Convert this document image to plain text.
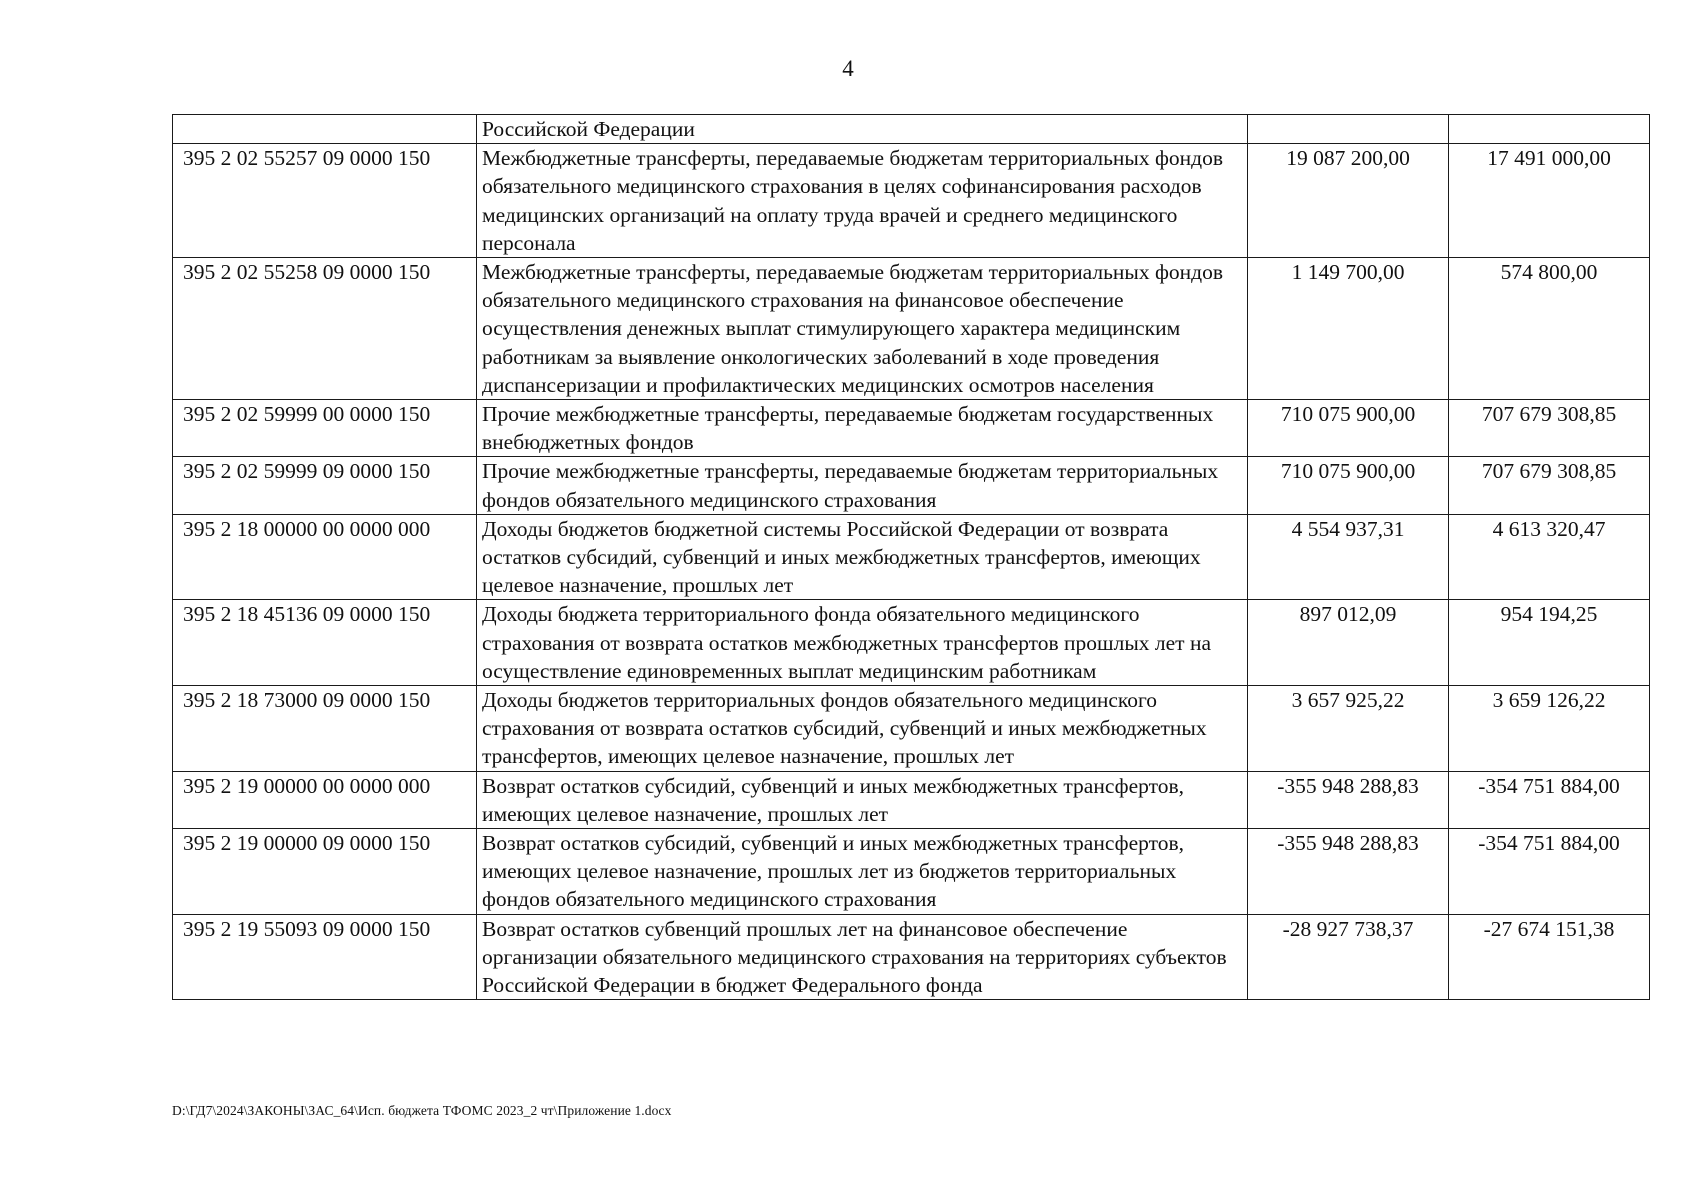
4
	Российской Федерации		
395 2 02 55257 09 0000 150	Межбюджетные трансферты, передаваемые бюджетам территориальных фондов обязательного медицинского страхования в целях софинансирования расходов медицинских организаций на оплату труда врачей и среднего медицинского персонала	19 087 200,00	17 491 000,00
395 2 02 55258 09 0000 150	Межбюджетные трансферты, передаваемые бюджетам территориальных фондов обязательного медицинского страхования на финансовое обеспечение осуществления денежных выплат стимулирующего характера медицинским работникам за выявление онкологических заболеваний в ходе проведения диспансеризации и профилактических медицинских осмотров населения	1 149 700,00	574 800,00
395 2 02 59999 00 0000 150	Прочие межбюджетные трансферты, передаваемые бюджетам государственных внебюджетных фондов	710 075 900,00	707 679 308,85
395 2 02 59999 09 0000 150	Прочие межбюджетные трансферты, передаваемые бюджетам территориальных фондов обязательного медицинского страхования	710 075 900,00	707 679 308,85
395 2 18 00000 00 0000 000	Доходы бюджетов бюджетной системы Российской Федерации от возврата остатков субсидий, субвенций и иных межбюджетных трансфертов, имеющих целевое назначение, прошлых лет	4 554 937,31	4 613 320,47
395 2 18 45136 09 0000 150	Доходы бюджета территориального фонда обязательного медицинского страхования от возврата остатков межбюджетных трансфертов прошлых лет на осуществление единовременных выплат медицинским работникам	897 012,09	954 194,25
395 2 18 73000 09 0000 150	Доходы бюджетов территориальных фондов обязательного медицинского страхования от возврата остатков субсидий, субвенций и иных межбюджетных трансфертов, имеющих целевое назначение, прошлых лет	3 657 925,22	3 659 126,22
395 2 19 00000 00 0000 000	Возврат остатков субсидий, субвенций и иных межбюджетных трансфертов, имеющих целевое назначение, прошлых лет	-355 948 288,83	-354 751 884,00
395 2 19 00000 09 0000 150	Возврат остатков субсидий, субвенций и иных межбюджетных трансфертов, имеющих целевое назначение, прошлых лет из бюджетов территориальных фондов обязательного медицинского страхования	-355 948 288,83	-354 751 884,00
395 2 19 55093 09 0000 150	Возврат остатков субвенций прошлых лет на финансовое обеспечение организации обязательного медицинского страхования на территориях субъектов Российской Федерации в бюджет Федерального фонда	-28 927 738,37	-27 674 151,38
D:\ГД7\2024\ЗАКОНЫ\ЗАС_64\Исп. бюджета ТФОМС 2023_2 чт\Приложение 1.docx
